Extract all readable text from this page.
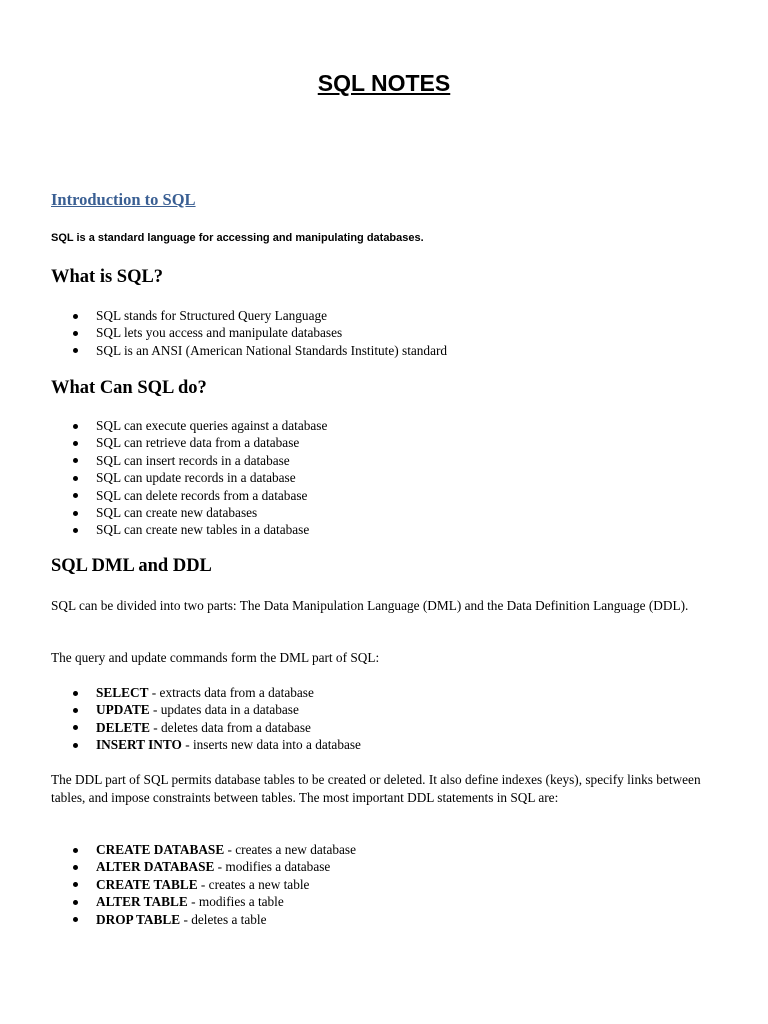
SQL NOTES
Introduction to SQL

SQL is a standard language for accessing and manipulating databases.

What is SQL?
SQL stands for Structured Query Language
SQL lets you access and manipulate databases
SQL is an ANSI (American National Standards Institute) standard
What Can SQL do?
SQL can execute queries against a database
SQL can retrieve data from a database
SQL can insert records in a database
SQL can update records in a database
SQL can delete records from a database
SQL can create new databases
SQL can create new tables in a database
SQL DML and DDL

SQL can be divided into two parts: The Data Manipulation Language (DML) and the Data Definition Language (DDL).

The query and update commands form the DML part of SQL:

SELECT - extracts data from a database
UPDATE - updates data in a database
DELETE - deletes data from a database
INSERT INTO - inserts new data into a database

The DDL part of SQL permits database tables to be created or deleted. It also define indexes (keys), specify links between tables, and impose constraints between tables. The most important DDL statements in SQL are:

CREATE DATABASE - creates a new database
ALTER DATABASE - modifies a database
CREATE TABLE - creates a new table
ALTER TABLE - modifies a table
DROP TABLE - deletes a table
